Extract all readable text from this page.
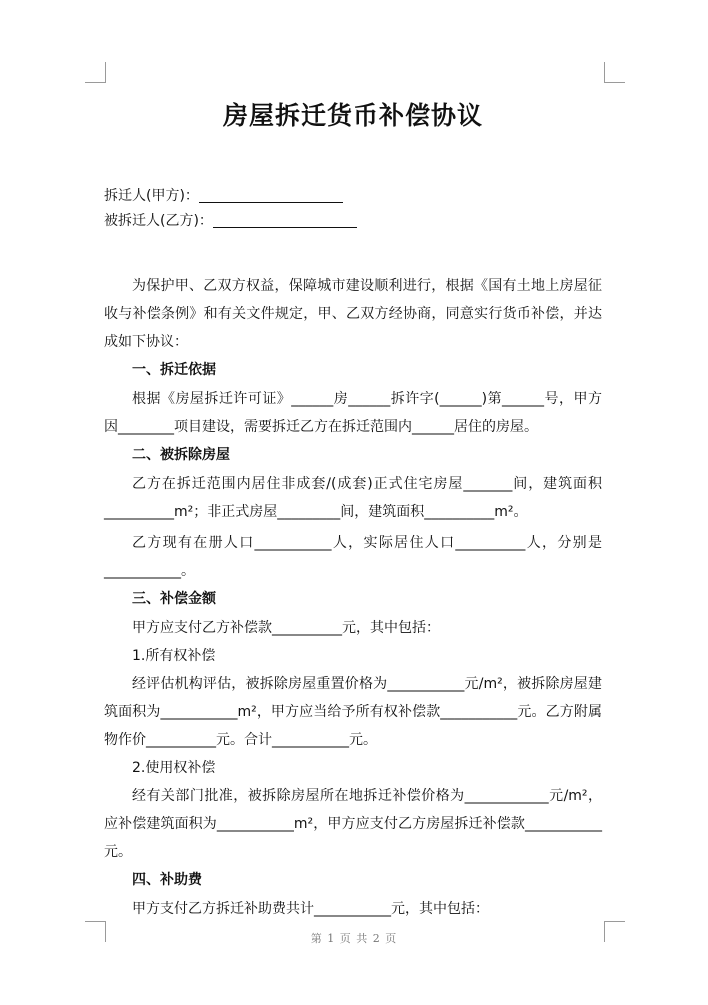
房屋拆迁货币补偿协议
拆迁人(甲方)：
被拆迁人(乙方)：

为保护甲、乙双方权益，保障城市建设顺利进行，根据《国有土地上房屋征收与补偿条例》和有关文件规定，甲、乙双方经协商，同意实行货币补偿，并达成如下协议：

一、拆迁依据

根据《房屋拆迁许可证》______房______拆许字(______)第______号，甲方因________项目建设，需要拆迁乙方在拆迁范围内______居住的房屋。

二、被拆除房屋

乙方在拆迁范围内居住非成套/(成套)正式住宅房屋_______间，建筑面积__________m²；非正式房屋_________间，建筑面积__________m²。

乙方现有在册人口___________人，实际居住人口__________人，分别是___________。

三、补偿金额

甲方应支付乙方补偿款__________元，其中包括：

1.所有权补偿

经评估机构评估，被拆除房屋重置价格为___________元/m²，被拆除房屋建筑面积为___________m²，甲方应当给予所有权补偿款___________元。乙方附属物作价__________元。合计___________元。

2.使用权补偿

经有关部门批准，被拆除房屋所在地拆迁补偿价格为____________元/m²，应补偿建筑面积为___________m²，甲方应支付乙方房屋拆迁补偿款___________元。

四、补助费

甲方支付乙方拆迁补助费共计___________元，其中包括：

第 1 页 共 2 页
